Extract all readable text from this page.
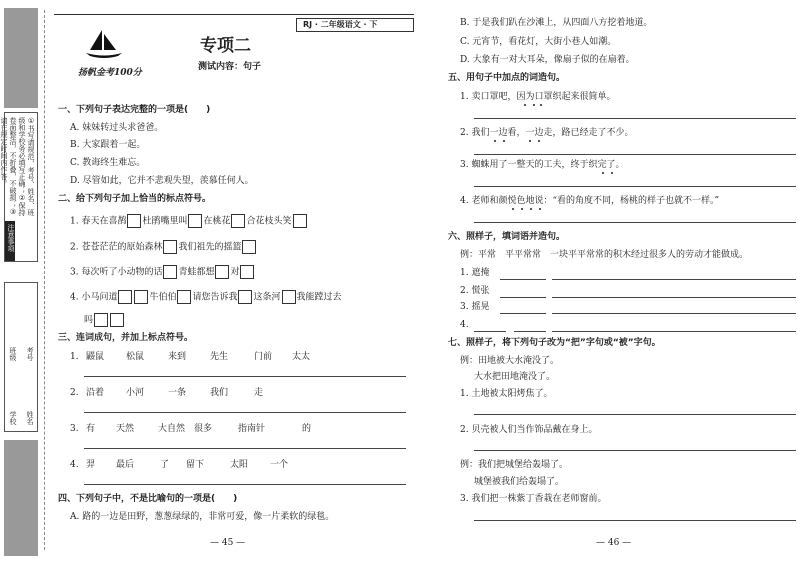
①书写请规范，考号、姓名、班级和学校务必填写正确；②保持卷面整洁，不折叠，不破损；③请在规定时间内作答。
注意事项
学校
班级
姓名
考号
RJ · 二年级语文 · 下
扬帆金考100分
专项二
测试内容：句子
一、下列句子表达完整的一项是(　　)
A. 妹妹转过头求爸爸。
B. 大家跟着一起。
C. 教诲终生难忘。
D. 尽管如此，它并不悲观失望，羡慕任何人。
二、给下列句子加上恰当的标点符号。
1. 春天在喜鹊 杜鹃嘴里叫 在桃花 合花枝头笑
2. 苍苍茫茫的原始森林 我们祖先的摇篮
3. 每次听了小动物的话 青蛙都想 对
4. 小马问道	牛伯伯 请您告诉我 这条河 我能蹚过去
吗
三、连词成句，并加上标点符号。
1. 鼹鼠 松鼠	来到	先生	门前 太太
2. 沿着 小河	一条	我们	走
3. 有 天然	大自然 很多	指南针	的
4. 羿 最后	了 留下	太阳 一个
四、下列句子中，不是比喻句的一项是(　　)
A. 路的一边是田野，葱葱绿绿的，非常可爱，像一片柔软的绿毯。
— 45 —
B. 于是我们趴在沙滩上，从四面八方挖着地道。
C. 元宵节，看花灯，大街小巷人如潮。
D. 大象有一对大耳朵，像扇子似的在扇着。
五、用句子中加点的词造句。
1. 卖口罩吧，因为口罩织起来很简单。
2. 我们一边看，一边走，路已经走了不少。
3. 蜘蛛用了一整天的工夫，终于织完了。
4. 老师和颜悦色地说：“看的角度不同，杨桃的样子也就不一样。”
六、照样子，填词语并造句。
例：平常　平平常常　一块平平常常的积木经过很多人的劳动才能做成。
1. 遮掩
2. 慌张
3. 摇晃
4.
七、照样子，将下列句子改为“把”字句或“被”字句。
例：田地被大水淹没了。
大水把田地淹没了。
1. 土地被太阳烤焦了。
2. 贝壳被人们当作饰品戴在身上。
例：我们把城堡给轰塌了。
城堡被我们给轰塌了。
3. 我们把一株紫丁香栽在老师窗前。
— 46 —
